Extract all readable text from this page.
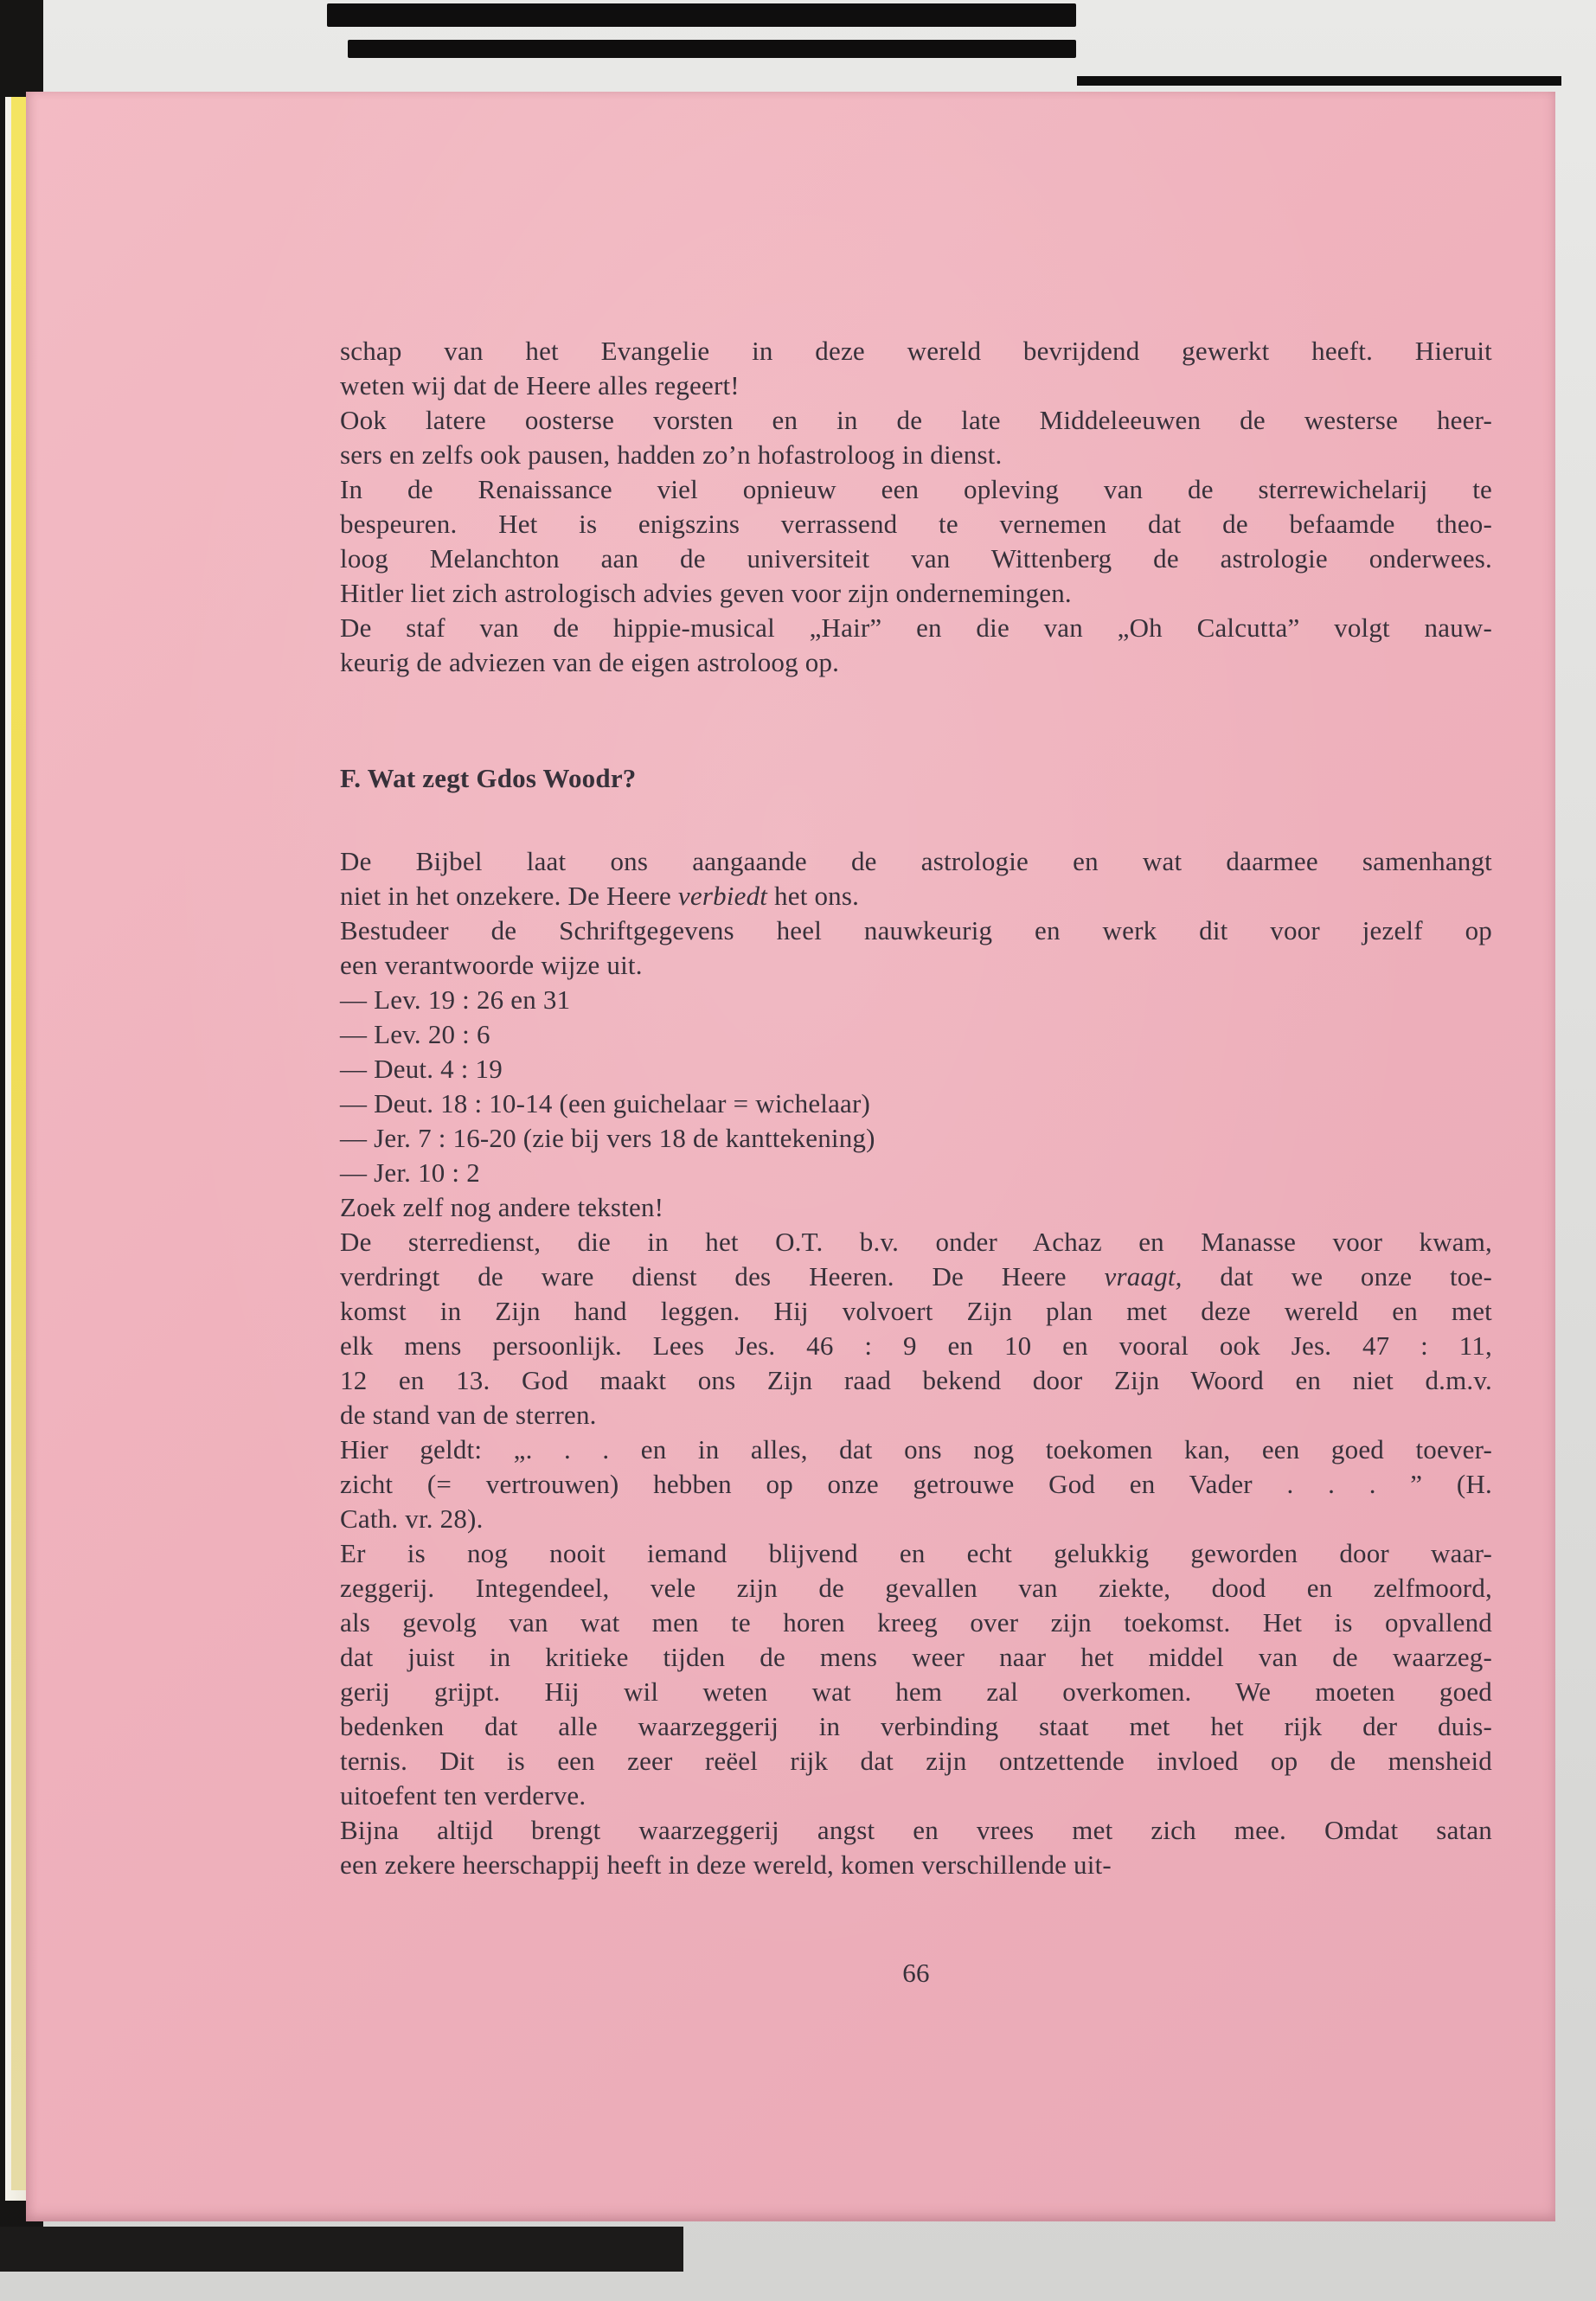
schap van het Evangelie in deze wereld bevrijdend gewerkt heeft. Hieruit
weten wij dat de Heere alles regeert!
Ook latere oosterse vorsten en in de late Middeleeuwen de westerse heer-
sers en zelfs ook pausen, hadden zo’n hofastroloog in dienst.
In de Renaissance viel opnieuw een opleving van de sterrewichelarij te
bespeuren. Het is enigszins verrassend te vernemen dat de befaamde theo-
loog Melanchton aan de universiteit van Wittenberg de astrologie onderwees.
Hitler liet zich astrologisch advies geven voor zijn ondernemingen.
De staf van de hippie-musical „Hair” en die van „Oh Calcutta” volgt nauw-
keurig de adviezen van de eigen astroloog op.
F. Wat zegt Gdos Woodr?
De Bijbel laat ons aangaande de astrologie en wat daarmee samenhangt
niet in het onzekere. De Heere verbiedt het ons.
Bestudeer de Schriftgegevens heel nauwkeurig en werk dit voor jezelf op
een verantwoorde wijze uit.
— Lev. 19 : 26 en 31
— Lev. 20 : 6
— Deut. 4 : 19
— Deut. 18 : 10-14 (een guichelaar = wichelaar)
— Jer. 7 : 16-20 (zie bij vers 18 de kanttekening)
— Jer. 10 : 2
Zoek zelf nog andere teksten!
De sterredienst, die in het O.T. b.v. onder Achaz en Manasse voor kwam,
verdringt de ware dienst des Heeren. De Heere vraagt, dat we onze toe-
komst in Zijn hand leggen. Hij volvoert Zijn plan met deze wereld en met
elk mens persoonlijk. Lees Jes. 46 : 9 en 10 en vooral ook Jes. 47 : 11,
12 en 13. God maakt ons Zijn raad bekend door Zijn Woord en niet d.m.v.
de stand van de sterren.
Hier geldt: „. . . en in alles, dat ons nog toekomen kan, een goed toever-
zicht (= vertrouwen) hebben op onze getrouwe God en Vader . . . ” (H.
Cath. vr. 28).
Er is nog nooit iemand blijvend en echt gelukkig geworden door waar-
zeggerij. Integendeel, vele zijn de gevallen van ziekte, dood en zelfmoord,
als gevolg van wat men te horen kreeg over zijn toekomst. Het is opvallend
dat juist in kritieke tijden de mens weer naar het middel van de waarzeg-
gerij grijpt. Hij wil weten wat hem zal overkomen. We moeten goed
bedenken dat alle waarzeggerij in verbinding staat met het rijk der duis-
ternis. Dit is een zeer reëel rijk dat zijn ontzettende invloed op de mensheid
uitoefent ten verderve.
Bijna altijd brengt waarzeggerij angst en vrees met zich mee. Omdat satan
een zekere heerschappij heeft in deze wereld, komen verschillende uit-
66
